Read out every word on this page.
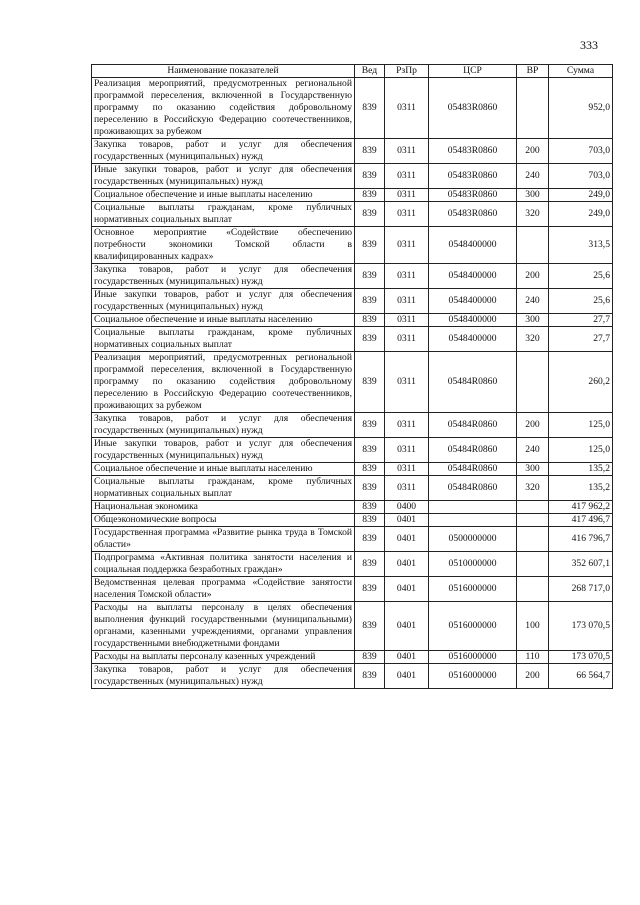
333
Наименование показателей	Вед	РзПр	ЦСР	ВР	Сумма
Реализация мероприятий, предусмотренных региональной программой переселения, включенной в Государственную программу по оказанию содействия добровольному переселению в Российскую Федерацию соотечественников, проживающих за рубежом	839	0311	05483R0860		952,0
Закупка товаров, работ и услуг для обеспечения государственных (муниципальных) нужд	839	0311	05483R0860	200	703,0
Иные закупки товаров, работ и услуг для обеспечения государственных (муниципальных) нужд	839	0311	05483R0860	240	703,0
Социальное обеспечение и иные выплаты населению	839	0311	05483R0860	300	249,0
Социальные выплаты гражданам, кроме публичных нормативных социальных выплат	839	0311	05483R0860	320	249,0
Основное мероприятие «Содействие обеспечению потребности экономики Томской области в квалифицированных кадрах»	839	0311	0548400000		313,5
Закупка товаров, работ и услуг для обеспечения государственных (муниципальных) нужд	839	0311	0548400000	200	25,6
Иные закупки товаров, работ и услуг для обеспечения государственных (муниципальных) нужд	839	0311	0548400000	240	25,6
Социальное обеспечение и иные выплаты населению	839	0311	0548400000	300	27,7
Социальные выплаты гражданам, кроме публичных нормативных социальных выплат	839	0311	0548400000	320	27,7
Реализация мероприятий, предусмотренных региональной программой переселения, включенной в Государственную программу по оказанию содействия добровольному переселению в Российскую Федерацию соотечественников, проживающих за рубежом	839	0311	05484R0860		260,2
Закупка товаров, работ и услуг для обеспечения государственных (муниципальных) нужд	839	0311	05484R0860	200	125,0
Иные закупки товаров, работ и услуг для обеспечения государственных (муниципальных) нужд	839	0311	05484R0860	240	125,0
Социальное обеспечение и иные выплаты населению	839	0311	05484R0860	300	135,2
Социальные выплаты гражданам, кроме публичных нормативных социальных выплат	839	0311	05484R0860	320	135,2
Национальная экономика	839	0400			417 962,2
Общеэкономические вопросы	839	0401			417 496,7
Государственная программа «Развитие рынка труда в Томской области»	839	0401	0500000000		416 796,7
Подпрограмма «Активная политика занятости населения и социальная поддержка безработных граждан»	839	0401	0510000000		352 607,1
Ведомственная целевая программа «Содействие занятости населения Томской области»	839	0401	0516000000		268 717,0
Расходы на выплаты персоналу в целях обеспечения выполнения функций государственными (муниципальными) органами, казенными учреждениями, органами управления государственными внебюджетными фондами	839	0401	0516000000	100	173 070,5
Расходы на выплаты персоналу казенных учреждений	839	0401	0516000000	110	173 070,5
Закупка товаров, работ и услуг для обеспечения государственных (муниципальных) нужд	839	0401	0516000000	200	66 564,7
